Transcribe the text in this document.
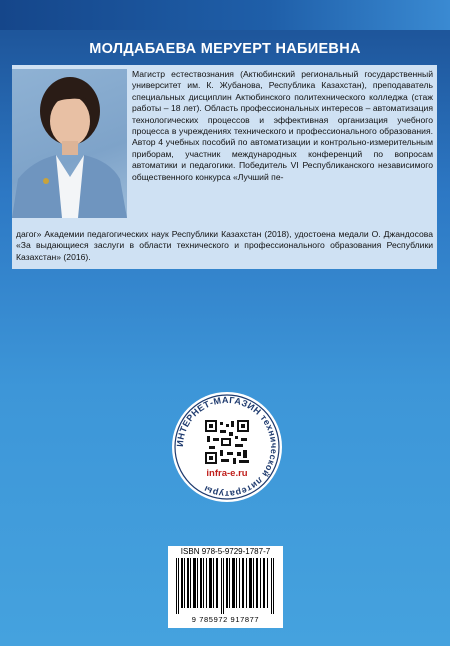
МОЛДАБАЕВА МЕРУЕРТ НАБИЕВНА
Магистр естествознания (Актюбинский региональный государственный университет им. К. Жубанова, Республика Казахстан), преподаватель специальных дисциплин Актюбинского политехнического колледжа (стаж работы – 18 лет). Область профессиональных интересов – автоматизация технологических процессов и эффективная организация учебного процесса в учреждениях технического и профессионального образования. Автор 4 учебных пособий по автоматизации и контрольно-измерительным приборам, участник международных конференций по вопросам автоматики и педагогики. Победитель VI Республиканского независимого общественного конкурса «Лучший пе-
дагог» Академии педагогических наук Республики Казахстан (2018), удостоена медали О. Джандосова «За выдающиеся заслуги в области технического и профессионального образования Республики Казахстан» (2016).
ИНТЕРНЕТ-МАГАЗИН технической литературы
infra-e.ru
ISBN 978-5-9729-1787-7
9 785972 917877
